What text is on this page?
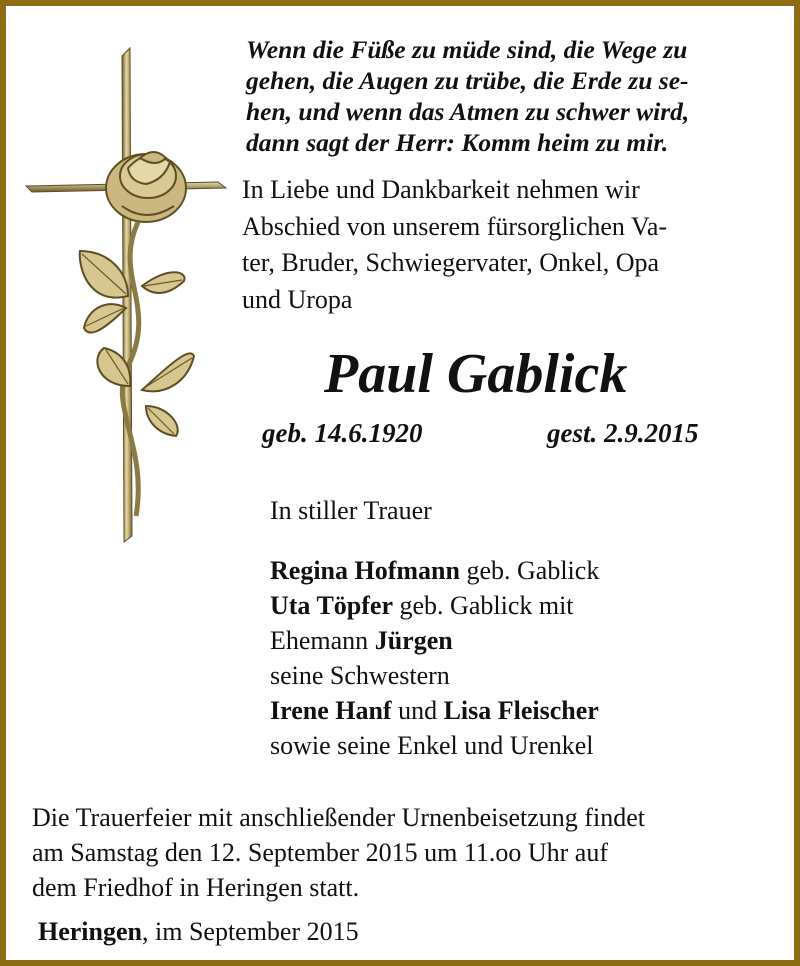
Wenn die Füße zu müde sind, die Wege zu
gehen, die Augen zu trübe, die Erde zu se-
hen, und wenn das Atmen zu schwer wird,
dann sagt der Herr: Komm heim zu mir.
In Liebe und Dankbarkeit nehmen wir
Abschied von unserem fürsorglichen Va-
ter, Bruder, Schwiegervater, Onkel, Opa
und Uropa
Paul Gablick
geb. 14.6.1920	gest. 2.9.2015
In stiller Trauer
Regina Hofmann geb. Gablick
Uta Töpfer geb. Gablick mit
Ehemann Jürgen
seine Schwestern
Irene Hanf und Lisa Fleischer
sowie seine Enkel und Urenkel
Die Trauerfeier mit anschließender Urnenbeisetzung findet
am Samstag den 12. September 2015 um 11.oo Uhr auf
dem Friedhof in Heringen statt.
Heringen, im September 2015
